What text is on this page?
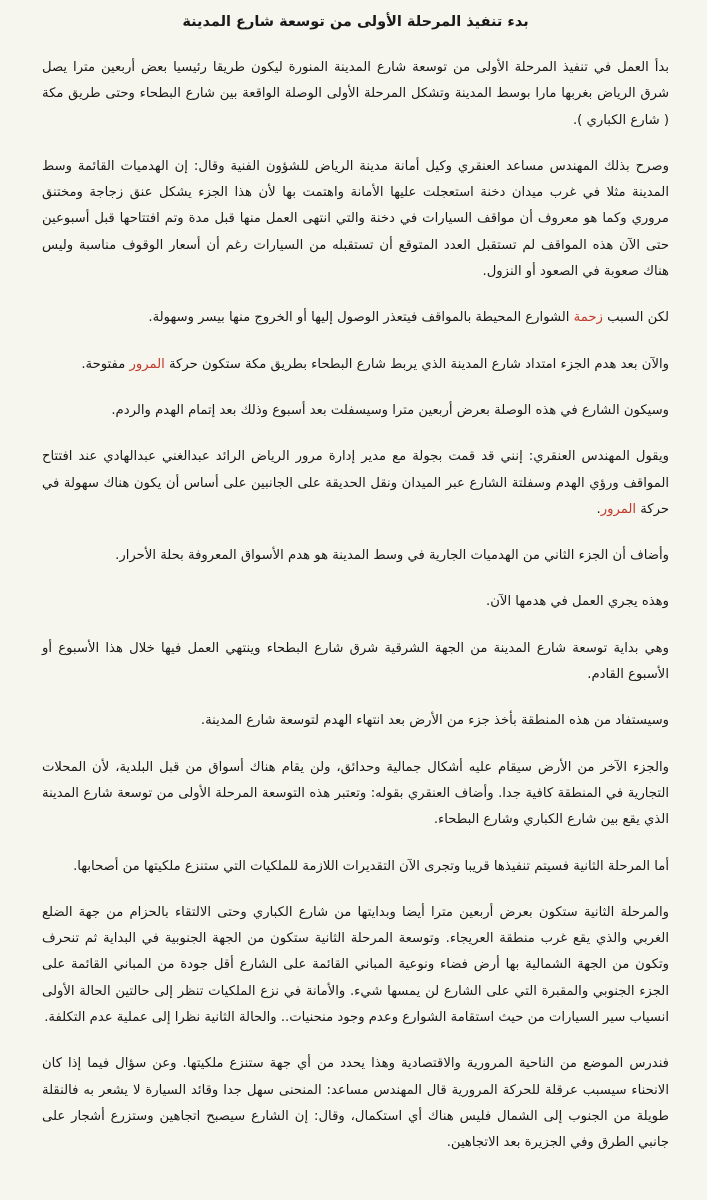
بدء تنفيذ المرحلة الأولى من توسعة شارع المدينة

بدأ العمل في تنفيذ المرحلة الأولى من توسعة شارع المدينة المنورة ليكون طريقا رئيسيا بعض أربعين مترا يصل شرق الرياض بغربها مارا بوسط المدينة وتشكل المرحلة الأولى الوصلة الواقعة بين شارع البطحاء وحتى طريق مكة ( شارع الكباري ).

وصرح بذلك المهندس مساعد العنقري وكيل أمانة مدينة الرياض للشؤون الفنية وقال: إن الهدميات القائمة وسط المدينة مثلا في غرب ميدان دخنة استعجلت عليها الأمانة واهتمت بها لأن هذا الجزء يشكل عنق زجاجة ومختنق مروري وكما هو معروف أن مواقف السيارات في دخنة والتي انتهى العمل منها قبل مدة وتم افتتاحها قبل أسبوعين حتى الآن هذه المواقف لم تستقبل العدد المتوقع أن تستقبله من السيارات رغم أن أسعار الوقوف مناسبة وليس هناك صعوبة في الصعود أو النزول.

لكن السبب زحمة الشوارع المحيطة بالمواقف فيتعذر الوصول إليها أو الخروج منها بيسر وسهولة.

والآن بعد هدم الجزء امتداد شارع المدينة الذي يربط شارع البطحاء بطريق مكة ستكون حركة المرور مفتوحة.

وسيكون الشارع في هذه الوصلة بعرض أربعين مترا وسيسفلت بعد أسبوع وذلك بعد إتمام الهدم والردم.

ويقول المهندس العنقري: إنني قد قمت بجولة مع مدير إدارة مرور الرياض الرائد عبدالغني عبدالهادي عند افتتاح المواقف ورؤي الهدم وسفلتة الشارع عبر الميدان ونقل الحديقة على الجانبين على أساس أن يكون هناك سهولة في حركة المرور.

وأضاف أن الجزء الثاني من الهدميات الجارية في وسط المدينة هو هدم الأسواق المعروفة بحلة الأحرار.

وهذه يجري العمل في هدمها الآن.

وهي بداية توسعة شارع المدينة من الجهة الشرقية شرق شارع البطحاء وينتهي العمل فيها خلال هذا الأسبوع أو الأسبوع القادم.

وسيستفاد من هذه المنطقة بأخذ جزء من الأرض بعد انتهاء الهدم لتوسعة شارع المدينة.

والجزء الآخر من الأرض سيقام عليه أشكال جمالية وحدائق، ولن يقام هناك أسواق من قبل البلدية، لأن المحلات التجارية في المنطقة كافية جدا. وأضاف العنقري بقوله: وتعتبر هذه التوسعة المرحلة الأولى من توسعة شارع المدينة الذي يقع بين شارع الكباري وشارع البطحاء.

أما المرحلة الثانية فسيتم تنفيذها قريبا وتجرى الآن التقديرات اللازمة للملكيات التي ستنزع ملكيتها من أصحابها.

والمرحلة الثانية ستكون بعرض أربعين مترا أيضا وبدايتها من شارع الكباري وحتى الالتقاء بالحزام من جهة الضلع الغربي والذي يقع غرب منطقة العريجاء. وتوسعة المرحلة الثانية ستكون من الجهة الجنوبية في البداية ثم تنحرف وتكون من الجهة الشمالية بها أرض فضاء ونوعية المباني القائمة على الشارع أقل جودة من المباني القائمة على الجزء الجنوبي والمقبرة التي على الشارع لن يمسها شيء. والأمانة في نزع الملكيات تنظر إلى حالتين الحالة الأولى انسياب سير السيارات من حيث استقامة الشوارع وعدم وجود منحنيات.. والحالة الثانية نظرا إلى عملية عدم التكلفة.

فندرس الموضع من الناحية المرورية والاقتصادية وهذا يحدد من أي جهة ستنزع ملكيتها. وعن سؤال فيما إذا كان الانحناء سيسبب عرقلة للحركة المرورية قال المهندس مساعد: المنحنى سهل جدا وقائد السيارة لا يشعر به فالنقلة طويلة من الجنوب إلى الشمال فليس هناك أي استكمال، وقال: إن الشارع سيصبح اتجاهين وستزرع أشجار على جانبي الطرق وفي الجزيرة بعد الاتجاهين.
